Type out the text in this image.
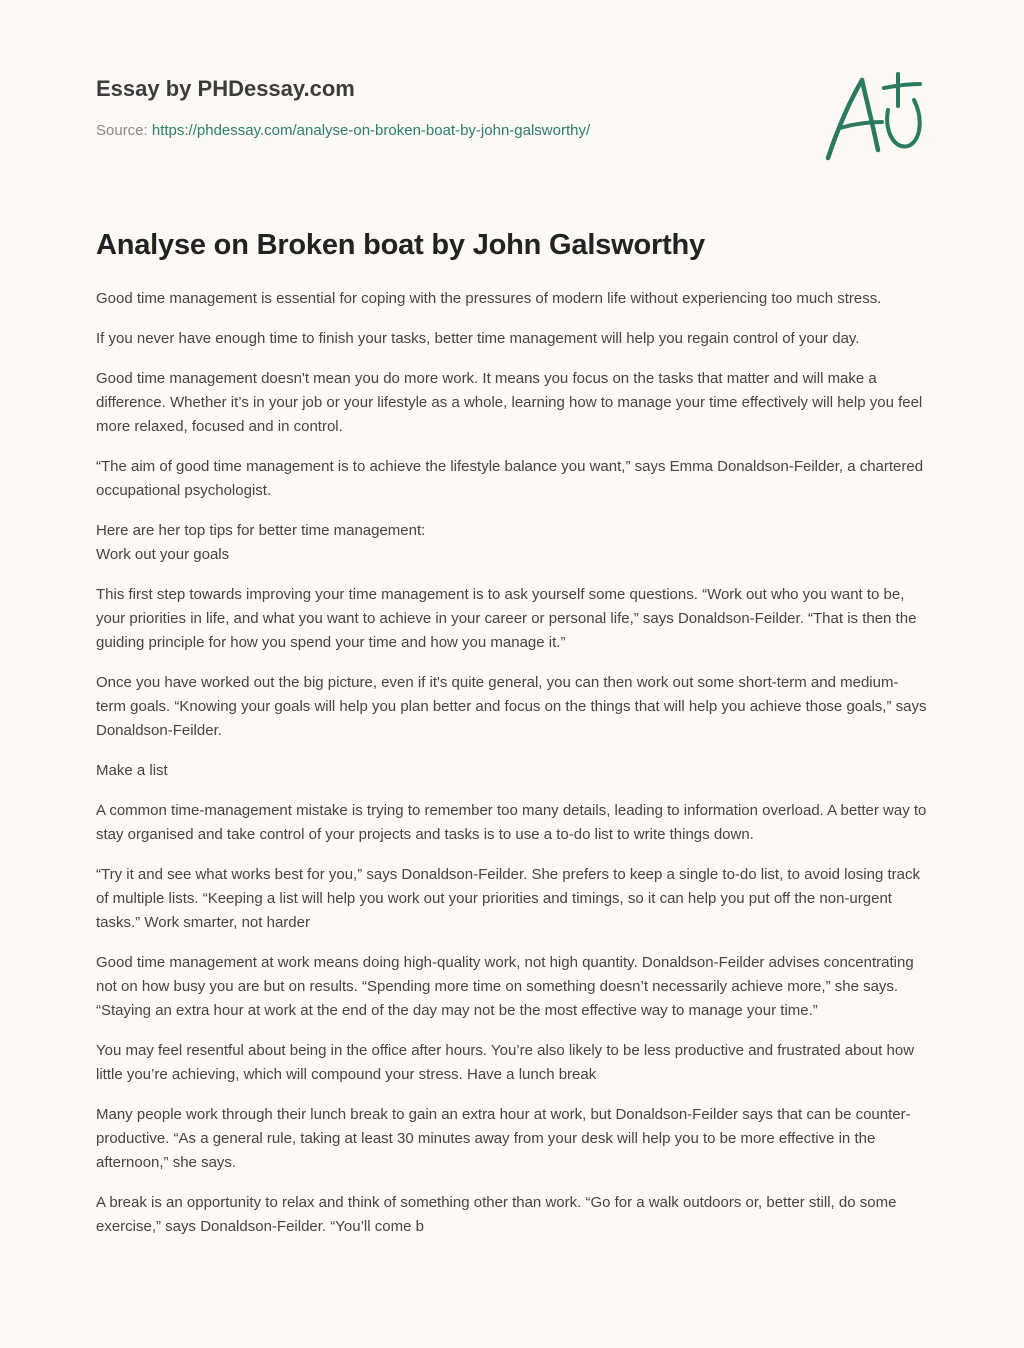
Essay by PHDessay.com
Source: https://phdessay.com/analyse-on-broken-boat-by-john-galsworthy/
Analyse on Broken boat by John Galsworthy

Good time management is essential for coping with the pressures of modern life without experiencing too much stress.

If you never have enough time to finish your tasks, better time management will help you regain control of your day.

Good time management doesn't mean you do more work. It means you focus on the tasks that matter and will make a difference. Whether it’s in your job or your lifestyle as a whole, learning how to manage your time effectively will help you feel more relaxed, focused and in control.

“The aim of good time management is to achieve the lifestyle balance you want,” says Emma Donaldson-Feilder, a chartered occupational psychologist.

Here are her top tips for better time management:
Work out your goals

This first step towards improving your time management is to ask yourself some questions. “Work out who you want to be, your priorities in life, and what you want to achieve in your career or personal life,” says Donaldson-Feilder. “That is then the guiding principle for how you spend your time and how you manage it.”

Once you have worked out the big picture, even if it's quite general, you can then work out some short-term and medium-term goals. “Knowing your goals will help you plan better and focus on the things that will help you achieve those goals,” says Donaldson-Feilder.

Make a list

A common time-management mistake is trying to remember too many details, leading to information overload. A better way to stay organised and take control of your projects and tasks is to use a to-do list to write things down.

“Try it and see what works best for you,” says Donaldson-Feilder. She prefers to keep a single to-do list, to avoid losing track of multiple lists. “Keeping a list will help you work out your priorities and timings, so it can help you put off the non-urgent tasks.” Work smarter, not harder

Good time management at work means doing high-quality work, not high quantity. Donaldson-Feilder advises concentrating not on how busy you are but on results. “Spending more time on something doesn’t necessarily achieve more,” she says. “Staying an extra hour at work at the end of the day may not be the most effective way to manage your time.”

You may feel resentful about being in the office after hours. You’re also likely to be less productive and frustrated about how little you’re achieving, which will compound your stress. Have a lunch break

Many people work through their lunch break to gain an extra hour at work, but Donaldson-Feilder says that can be counter-productive. “As a general rule, taking at least 30 minutes away from your desk will help you to be more effective in the afternoon,” she says.

A break is an opportunity to relax and think of something other than work. “Go for a walk outdoors or, better still, do some exercise,” says Donaldson-Feilder. “You’ll come b
